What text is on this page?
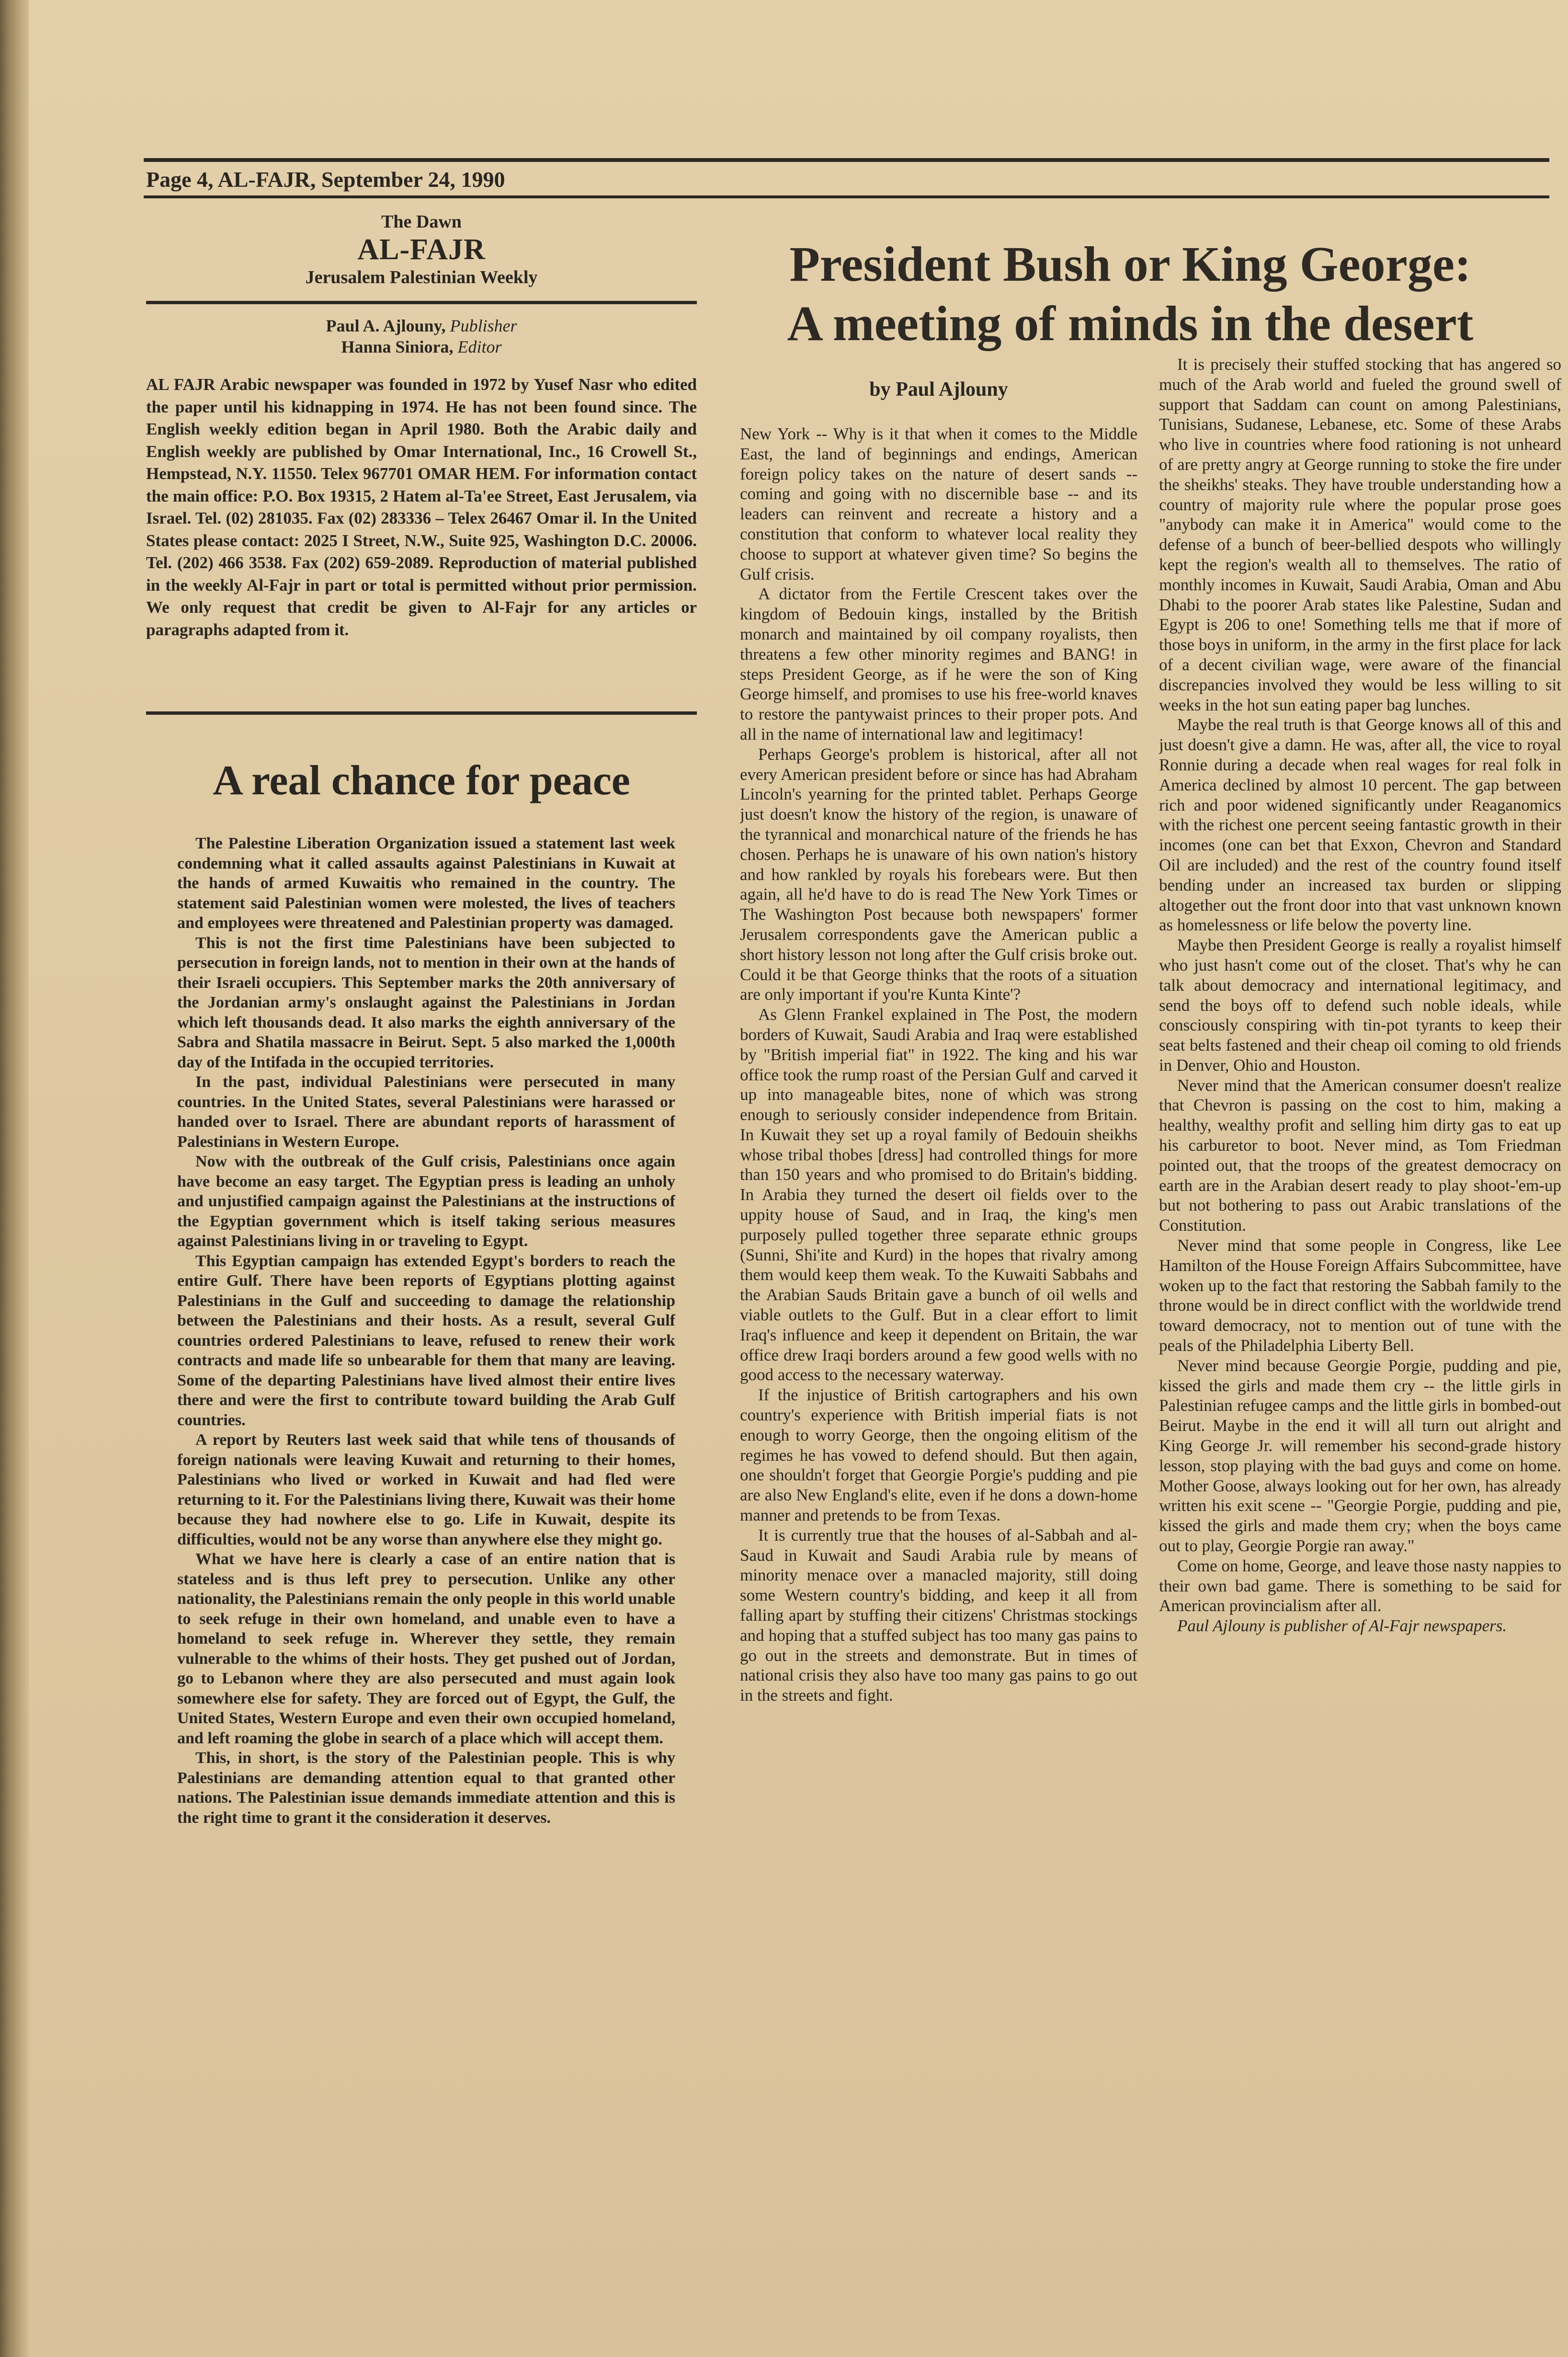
Page 4, AL-FAJR, September 24, 1990
The Dawn
AL-FAJR
Jerusalem Palestinian Weekly
Paul A. Ajlouny, Publisher
Hanna Siniora, Editor

AL FAJR Arabic newspaper was founded in 1972 by Yusef Nasr who edited the paper until his kidnapping in 1974. He has not been found since. The English weekly edition began in April 1980. Both the Arabic daily and English weekly are published by Omar International, Inc., 16 Crowell St., Hempstead, N.Y. 11550. Telex 967701 OMAR HEM. For information contact the main office: P.O. Box 19315, 2 Hatem al-Ta'ee Street, East Jerusalem, via Israel. Tel. (02) 281035. Fax (02) 283336 – Telex 26467 Omar il. In the United States please contact: 2025 I Street, N.W., Suite 925, Washington D.C. 20006. Tel. (202) 466 3538. Fax (202) 659-2089. Reproduction of material published in the weekly Al-Fajr in part or total is permitted without prior permission. We only request that credit be given to Al-Fajr for any articles or paragraphs adapted from it.

A real chance for peace

The Palestine Liberation Organization issued a statement last week condemning what it called assaults against Palestinians in Kuwait at the hands of armed Kuwaitis who remained in the country. The statement said Palestinian women were molested, the lives of teachers and employees were threatened and Palestinian property was damaged.

This is not the first time Palestinians have been subjected to persecution in foreign lands, not to mention in their own at the hands of their Israeli occupiers. This September marks the 20th anniversary of the Jordanian army's onslaught against the Palestinians in Jordan which left thousands dead. It also marks the eighth anniversary of the Sabra and Shatila massacre in Beirut. Sept. 5 also marked the 1,000th day of the Intifada in the occupied territories.

In the past, individual Palestinians were persecuted in many countries. In the United States, several Palestinians were harassed or handed over to Israel. There are abundant reports of harassment of Palestinians in Western Europe.

Now with the outbreak of the Gulf crisis, Palestinians once again have become an easy target. The Egyptian press is leading an unholy and unjustified campaign against the Palestinians at the instructions of the Egyptian government which is itself taking serious measures against Palestinians living in or traveling to Egypt.

This Egyptian campaign has extended Egypt's borders to reach the entire Gulf. There have been reports of Egyptians plotting against Palestinians in the Gulf and succeeding to damage the relationship between the Palestinians and their hosts. As a result, several Gulf countries ordered Palestinians to leave, refused to renew their work contracts and made life so unbearable for them that many are leaving. Some of the departing Palestinians have lived almost their entire lives there and were the first to contribute toward building the Arab Gulf countries.

A report by Reuters last week said that while tens of thousands of foreign nationals were leaving Kuwait and returning to their homes, Palestinians who lived or worked in Kuwait and had fled were returning to it. For the Palestinians living there, Kuwait was their home because they had nowhere else to go. Life in Kuwait, despite its difficulties, would not be any worse than anywhere else they might go.

What we have here is clearly a case of an entire nation that is stateless and is thus left prey to persecution. Unlike any other nationality, the Palestinians remain the only people in this world unable to seek refuge in their own homeland, and unable even to have a homeland to seek refuge in. Wherever they settle, they remain vulnerable to the whims of their hosts. They get pushed out of Jordan, go to Lebanon where they are also persecuted and must again look somewhere else for safety. They are forced out of Egypt, the Gulf, the United States, Western Europe and even their own occupied homeland, and left roaming the globe in search of a place which will accept them.

This, in short, is the story of the Palestinian people. This is why Palestinians are demanding attention equal to that granted other nations. The Palestinian issue demands immediate attention and this is the right time to grant it the consideration it deserves.

President Bush or King George:
A meeting of minds in the desert
by Paul Ajlouny

New York -- Why is it that when it comes to the Middle East, the land of beginnings and endings, American foreign policy takes on the nature of desert sands -- coming and going with no discernible base -- and its leaders can reinvent and recreate a history and a constitution that conform to whatever local reality they choose to support at whatever given time? So begins the Gulf crisis.

A dictator from the Fertile Crescent takes over the kingdom of Bedouin kings, installed by the British monarch and maintained by oil company royalists, then threatens a few other minority regimes and BANG! in steps President George, as if he were the son of King George himself, and promises to use his free-world knaves to restore the pantywaist princes to their proper pots. And all in the name of international law and legitimacy!

Perhaps George's problem is historical, after all not every American president before or since has had Abraham Lincoln's yearning for the printed tablet. Perhaps George just doesn't know the history of the region, is unaware of the tyrannical and monarchical nature of the friends he has chosen. Perhaps he is unaware of his own nation's history and how rankled by royals his forebears were. But then again, all he'd have to do is read The New York Times or The Washington Post because both newspapers' former Jerusalem correspondents gave the American public a short history lesson not long after the Gulf crisis broke out. Could it be that George thinks that the roots of a situation are only important if you're Kunta Kinte'?

As Glenn Frankel explained in The Post, the modern borders of Kuwait, Saudi Arabia and Iraq were established by "British imperial fiat" in 1922. The king and his war office took the rump roast of the Persian Gulf and carved it up into manageable bites, none of which was strong enough to seriously consider independence from Britain. In Kuwait they set up a royal family of Bedouin sheikhs whose tribal thobes [dress] had controlled things for more than 150 years and who promised to do Britain's bidding. In Arabia they turned the desert oil fields over to the uppity house of Saud, and in Iraq, the king's men purposely pulled together three separate ethnic groups (Sunni, Shi'ite and Kurd) in the hopes that rivalry among them would keep them weak. To the Kuwaiti Sabbahs and the Arabian Sauds Britain gave a bunch of oil wells and viable outlets to the Gulf. But in a clear effort to limit Iraq's influence and keep it dependent on Britain, the war office drew Iraqi borders around a few good wells with no good access to the necessary waterway.

If the injustice of British cartographers and his own country's experience with British imperial fiats is not enough to worry George, then the ongoing elitism of the regimes he has vowed to defend should. But then again, one shouldn't forget that Georgie Porgie's pudding and pie are also New England's elite, even if he dons a down-home manner and pretends to be from Texas.

It is currently true that the houses of al-Sabbah and al-Saud in Kuwait and Saudi Arabia rule by means of minority menace over a manacled majority, still doing some Western country's bidding, and keep it all from falling apart by stuffing their citizens' Christmas stockings and hoping that a stuffed subject has too many gas pains to go out in the streets and demonstrate. But in times of national crisis they also have too many gas pains to go out in the streets and fight.

It is precisely their stuffed stocking that has angered so much of the Arab world and fueled the ground swell of support that Saddam can count on among Palestinians, Tunisians, Sudanese, Lebanese, etc. Some of these Arabs who live in countries where food rationing is not unheard of are pretty angry at George running to stoke the fire under the sheikhs' steaks. They have trouble understanding how a country of majority rule where the popular prose goes "anybody can make it in America" would come to the defense of a bunch of beer-bellied despots who willingly kept the region's wealth all to themselves. The ratio of monthly incomes in Kuwait, Saudi Arabia, Oman and Abu Dhabi to the poorer Arab states like Palestine, Sudan and Egypt is 206 to one! Something tells me that if more of those boys in uniform, in the army in the first place for lack of a decent civilian wage, were aware of the financial discrepancies involved they would be less willing to sit weeks in the hot sun eating paper bag lunches.

Maybe the real truth is that George knows all of this and just doesn't give a damn. He was, after all, the vice to royal Ronnie during a decade when real wages for real folk in America declined by almost 10 percent. The gap between rich and poor widened significantly under Reaganomics with the richest one percent seeing fantastic growth in their incomes (one can bet that Exxon, Chevron and Standard Oil are included) and the rest of the country found itself bending under an increased tax burden or slipping altogether out the front door into that vast unknown known as homelessness or life below the poverty line.

Maybe then President George is really a royalist himself who just hasn't come out of the closet. That's why he can talk about democracy and international legitimacy, and send the boys off to defend such noble ideals, while consciously conspiring with tin-pot tyrants to keep their seat belts fastened and their cheap oil coming to old friends in Denver, Ohio and Houston.

Never mind that the American consumer doesn't realize that Chevron is passing on the cost to him, making a healthy, wealthy profit and selling him dirty gas to eat up his carburetor to boot. Never mind, as Tom Friedman pointed out, that the troops of the greatest democracy on earth are in the Arabian desert ready to play shoot-'em-up but not bothering to pass out Arabic translations of the Constitution.

Never mind that some people in Congress, like Lee Hamilton of the House Foreign Affairs Subcommittee, have woken up to the fact that restoring the Sabbah family to the throne would be in direct conflict with the worldwide trend toward democracy, not to mention out of tune with the peals of the Philadelphia Liberty Bell.

Never mind because Georgie Porgie, pudding and pie, kissed the girls and made them cry -- the little girls in Palestinian refugee camps and the little girls in bombed-out Beirut. Maybe in the end it will all turn out alright and King George Jr. will remember his second-grade history lesson, stop playing with the bad guys and come on home. Mother Goose, always looking out for her own, has already written his exit scene -- "Georgie Porgie, pudding and pie, kissed the girls and made them cry; when the boys came out to play, Georgie Porgie ran away."

Come on home, George, and leave those nasty nappies to their own bad game. There is something to be said for American provincialism after all.

Paul Ajlouny is publisher of Al-Fajr newspapers.
